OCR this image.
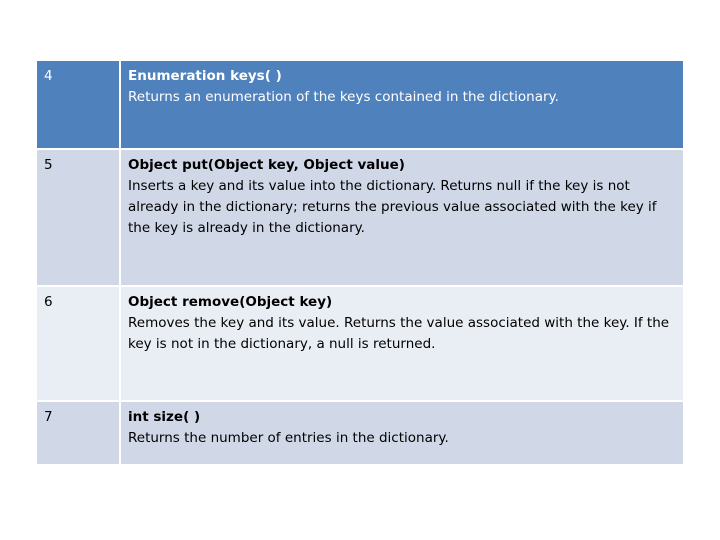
4	Enumeration keys( )
Returns an enumeration of the keys contained in the dictionary.

5	Object put(Object key, Object value)
Inserts a key and its value into the dictionary. Returns null if the key is not already in the dictionary; returns the previous value associated with the key if the key is already in the dictionary.

6	Object remove(Object key)
Removes the key and its value. Returns the value associated with the key. If the key is not in the dictionary, a null is returned.

7	int size( )
Returns the number of entries in the dictionary.
